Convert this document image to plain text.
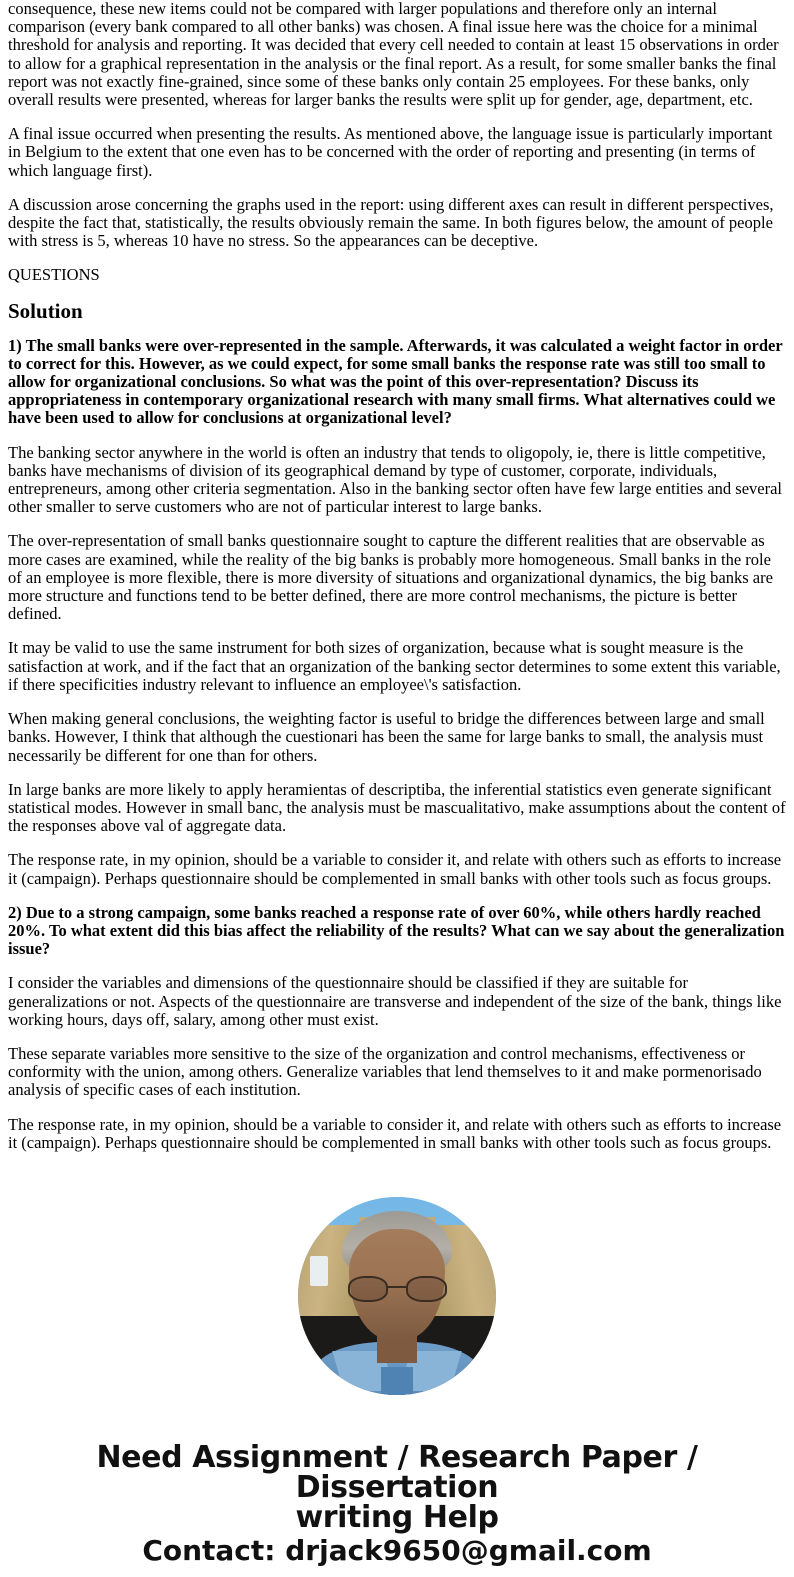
consequence, these new items could not be compared with larger populations and therefore only an internal comparison (every bank compared to all other banks) was chosen. A final issue here was the choice for a minimal threshold for analysis and reporting. It was decided that every cell needed to contain at least 15 observations in order to allow for a graphical representation in the analysis or the final report. As a result, for some smaller banks the final report was not exactly fine-grained, since some of these banks only contain 25 employees. For these banks, only overall results were presented, whereas for larger banks the results were split up for gender, age, department, etc.

A final issue occurred when presenting the results. As mentioned above, the language issue is particularly important in Belgium to the extent that one even has to be concerned with the order of reporting and presenting (in terms of which language first).

A discussion arose concerning the graphs used in the report: using different axes can result in different perspectives, despite the fact that, statistically, the results obviously remain the same. In both figures below, the amount of people with stress is 5, whereas 10 have no stress. So the appearances can be deceptive.

QUESTIONS

Solution

1) The small banks were over-represented in the sample. Afterwards, it was calculated a weight factor in order to correct for this. However, as we could expect, for some small banks the response rate was still too small to allow for organizational conclusions. So what was the point of this over-representation? Discuss its appropriateness in contemporary organizational research with many small firms. What alternatives could we have been used to allow for conclusions at organizational level?

The banking sector anywhere in the world is often an industry that tends to oligopoly, ie, there is little competitive, banks have mechanisms of division of its geographical demand by type of customer, corporate, individuals, entrepreneurs, among other criteria segmentation. Also in the banking sector often have few large entities and several other smaller to serve customers who are not of particular interest to large banks.

The over-representation of small banks questionnaire sought to capture the different realities that are observable as more cases are examined, while the reality of the big banks is probably more homogeneous. Small banks in the role of an employee is more flexible, there is more diversity of situations and organizational dynamics, the big banks are more structure and functions tend to be better defined, there are more control mechanisms, the picture is better defined.

It may be valid to use the same instrument for both sizes of organization, because what is sought measure is the satisfaction at work, and if the fact that an organization of the banking sector determines to some extent this variable, if there specificities industry relevant to influence an employee\'s satisfaction.

When making general conclusions, the weighting factor is useful to bridge the differences between large and small banks. However, I think that although the cuestionari has been the same for large banks to small, the analysis must necessarily be different for one than for others.

In large banks are more likely to apply heramientas of descriptiba, the inferential statistics even generate significant statistical modes. However in small banc, the analysis must be mascualitativo, make assumptions about the content of the responses above val of aggregate data.

The response rate, in my opinion, should be a variable to consider it, and relate with others such as efforts to increase it (campaign). Perhaps questionnaire should be complemented in small banks with other tools such as focus groups.

2) Due to a strong campaign, some banks reached a response rate of over 60%, while others hardly reached 20%. To what extent did this bias affect the reliability of the results? What can we say about the generalization issue?

I consider the variables and dimensions of the questionnaire should be classified if they are suitable for generalizations or not. Aspects of the questionnaire are transverse and independent of the size of the bank, things like working hours, days off, salary, among other must exist.

These separate variables more sensitive to the size of the organization and control mechanisms, effectiveness or conformity with the union, among others. Generalize variables that lend themselves to it and make pormenorisado analysis of specific cases of each institution.

The response rate, in my opinion, should be a variable to consider it, and relate with others such as efforts to increase it (campaign). Perhaps questionnaire should be complemented in small banks with other tools such as focus groups.

Need Assignment / Research Paper / Dissertation
writing Help
Contact: drjack9650@gmail.com
